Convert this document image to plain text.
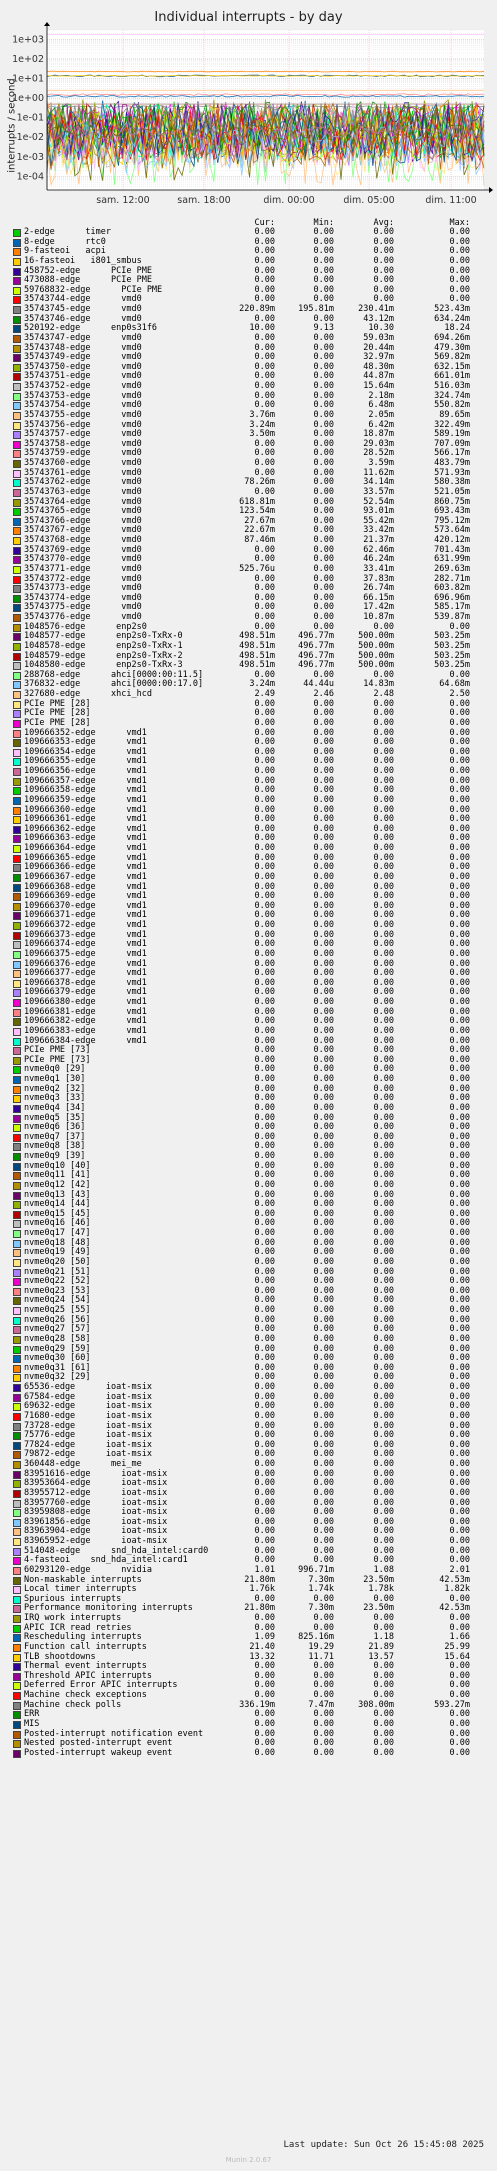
Individual interrupts - by day
interrupts / second
sam. 12:00	sam. 18:00	dim. 00:00	dim. 05:00	dim. 11:00
1e-04
1e-03
1e-02
1e-01
1e+00
1e+01
1e+02
1e+03
Cur:	Min:	Avg:	Max:
2-edge      timer	0.00	0.00	0.00	0.00
8-edge      rtc0	0.00	0.00	0.00	0.00
9-fasteoi   acpi	0.00	0.00	0.00	0.00
16-fasteoi   i801_smbus	0.00	0.00	0.00	0.00
458752-edge      PCIe PME	0.00	0.00	0.00	0.00
473088-edge      PCIe PME	0.00	0.00	0.00	0.00
59768832-edge      PCIe PME	0.00	0.00	0.00	0.00
35743744-edge      vmd0	0.00	0.00	0.00	0.00
35743745-edge      vmd0	220.89m	195.81m	230.41m	523.43m
35743746-edge      vmd0	0.00	0.00	43.12m	634.24m
520192-edge      enp0s31f6	10.00	9.13	10.30	18.24
35743747-edge      vmd0	0.00	0.00	59.03m	694.26m
35743748-edge      vmd0	0.00	0.00	20.44m	479.30m
35743749-edge      vmd0	0.00	0.00	32.97m	569.82m
35743750-edge      vmd0	0.00	0.00	48.30m	632.15m
35743751-edge      vmd0	0.00	0.00	44.87m	661.01m
35743752-edge      vmd0	0.00	0.00	15.64m	516.03m
35743753-edge      vmd0	0.00	0.00	2.18m	324.74m
35743754-edge      vmd0	0.00	0.00	6.48m	550.82m
35743755-edge      vmd0	3.76m	0.00	2.05m	89.65m
35743756-edge      vmd0	3.24m	0.00	6.42m	322.49m
35743757-edge      vmd0	3.50m	0.00	18.87m	589.19m
35743758-edge      vmd0	0.00	0.00	29.03m	707.09m
35743759-edge      vmd0	0.00	0.00	28.52m	566.17m
35743760-edge      vmd0	0.00	0.00	3.59m	483.79m
35743761-edge      vmd0	0.00	0.00	11.62m	571.93m
35743762-edge      vmd0	78.26m	0.00	34.14m	580.38m
35743763-edge      vmd0	0.00	0.00	33.57m	521.05m
35743764-edge      vmd0	618.81m	0.00	52.54m	860.75m
35743765-edge      vmd0	123.54m	0.00	93.01m	693.43m
35743766-edge      vmd0	27.67m	0.00	55.42m	795.12m
35743767-edge      vmd0	22.67m	0.00	33.42m	573.64m
35743768-edge      vmd0	87.46m	0.00	21.37m	420.12m
35743769-edge      vmd0	0.00	0.00	62.46m	701.43m
35743770-edge      vmd0	0.00	0.00	46.24m	631.99m
35743771-edge      vmd0	525.76u	0.00	33.41m	269.63m
35743772-edge      vmd0	0.00	0.00	37.83m	282.71m
35743773-edge      vmd0	0.00	0.00	26.74m	603.82m
35743774-edge      vmd0	0.00	0.00	66.15m	696.96m
35743775-edge      vmd0	0.00	0.00	17.42m	585.17m
35743776-edge      vmd0	0.00	0.00	10.87m	539.87m
1048576-edge      enp2s0	0.00	0.00	0.00	0.00
1048577-edge      enp2s0-TxRx-0	498.51m	496.77m	500.00m	503.25m
1048578-edge      enp2s0-TxRx-1	498.51m	496.77m	500.00m	503.25m
1048579-edge      enp2s0-TxRx-2	498.51m	496.77m	500.00m	503.25m
1048580-edge      enp2s0-TxRx-3	498.51m	496.77m	500.00m	503.25m
288768-edge      ahci[0000:00:11.5]	0.00	0.00	0.00	0.00
376832-edge      ahci[0000:00:17.0]	3.24m	44.44u	14.83m	64.68m
327680-edge      xhci_hcd	2.49	2.46	2.48	2.50
PCIe PME [28]	0.00	0.00	0.00	0.00
PCIe PME [28]	0.00	0.00	0.00	0.00
PCIe PME [28]	0.00	0.00	0.00	0.00
109666352-edge      vmd1	0.00	0.00	0.00	0.00
109666353-edge      vmd1	0.00	0.00	0.00	0.00
109666354-edge      vmd1	0.00	0.00	0.00	0.00
109666355-edge      vmd1	0.00	0.00	0.00	0.00
109666356-edge      vmd1	0.00	0.00	0.00	0.00
109666357-edge      vmd1	0.00	0.00	0.00	0.00
109666358-edge      vmd1	0.00	0.00	0.00	0.00
109666359-edge      vmd1	0.00	0.00	0.00	0.00
109666360-edge      vmd1	0.00	0.00	0.00	0.00
109666361-edge      vmd1	0.00	0.00	0.00	0.00
109666362-edge      vmd1	0.00	0.00	0.00	0.00
109666363-edge      vmd1	0.00	0.00	0.00	0.00
109666364-edge      vmd1	0.00	0.00	0.00	0.00
109666365-edge      vmd1	0.00	0.00	0.00	0.00
109666366-edge      vmd1	0.00	0.00	0.00	0.00
109666367-edge      vmd1	0.00	0.00	0.00	0.00
109666368-edge      vmd1	0.00	0.00	0.00	0.00
109666369-edge      vmd1	0.00	0.00	0.00	0.00
109666370-edge      vmd1	0.00	0.00	0.00	0.00
109666371-edge      vmd1	0.00	0.00	0.00	0.00
109666372-edge      vmd1	0.00	0.00	0.00	0.00
109666373-edge      vmd1	0.00	0.00	0.00	0.00
109666374-edge      vmd1	0.00	0.00	0.00	0.00
109666375-edge      vmd1	0.00	0.00	0.00	0.00
109666376-edge      vmd1	0.00	0.00	0.00	0.00
109666377-edge      vmd1	0.00	0.00	0.00	0.00
109666378-edge      vmd1	0.00	0.00	0.00	0.00
109666379-edge      vmd1	0.00	0.00	0.00	0.00
109666380-edge      vmd1	0.00	0.00	0.00	0.00
109666381-edge      vmd1	0.00	0.00	0.00	0.00
109666382-edge      vmd1	0.00	0.00	0.00	0.00
109666383-edge      vmd1	0.00	0.00	0.00	0.00
109666384-edge      vmd1	0.00	0.00	0.00	0.00
PCIe PME [73]	0.00	0.00	0.00	0.00
PCIe PME [73]	0.00	0.00	0.00	0.00
nvme0q0 [29]	0.00	0.00	0.00	0.00
nvme0q1 [30]	0.00	0.00	0.00	0.00
nvme0q2 [32]	0.00	0.00	0.00	0.00
nvme0q3 [33]	0.00	0.00	0.00	0.00
nvme0q4 [34]	0.00	0.00	0.00	0.00
nvme0q5 [35]	0.00	0.00	0.00	0.00
nvme0q6 [36]	0.00	0.00	0.00	0.00
nvme0q7 [37]	0.00	0.00	0.00	0.00
nvme0q8 [38]	0.00	0.00	0.00	0.00
nvme0q9 [39]	0.00	0.00	0.00	0.00
nvme0q10 [40]	0.00	0.00	0.00	0.00
nvme0q11 [41]	0.00	0.00	0.00	0.00
nvme0q12 [42]	0.00	0.00	0.00	0.00
nvme0q13 [43]	0.00	0.00	0.00	0.00
nvme0q14 [44]	0.00	0.00	0.00	0.00
nvme0q15 [45]	0.00	0.00	0.00	0.00
nvme0q16 [46]	0.00	0.00	0.00	0.00
nvme0q17 [47]	0.00	0.00	0.00	0.00
nvme0q18 [48]	0.00	0.00	0.00	0.00
nvme0q19 [49]	0.00	0.00	0.00	0.00
nvme0q20 [50]	0.00	0.00	0.00	0.00
nvme0q21 [51]	0.00	0.00	0.00	0.00
nvme0q22 [52]	0.00	0.00	0.00	0.00
nvme0q23 [53]	0.00	0.00	0.00	0.00
nvme0q24 [54]	0.00	0.00	0.00	0.00
nvme0q25 [55]	0.00	0.00	0.00	0.00
nvme0q26 [56]	0.00	0.00	0.00	0.00
nvme0q27 [57]	0.00	0.00	0.00	0.00
nvme0q28 [58]	0.00	0.00	0.00	0.00
nvme0q29 [59]	0.00	0.00	0.00	0.00
nvme0q30 [60]	0.00	0.00	0.00	0.00
nvme0q31 [61]	0.00	0.00	0.00	0.00
nvme0q32 [29]	0.00	0.00	0.00	0.00
65536-edge      ioat-msix	0.00	0.00	0.00	0.00
67584-edge      ioat-msix	0.00	0.00	0.00	0.00
69632-edge      ioat-msix	0.00	0.00	0.00	0.00
71680-edge      ioat-msix	0.00	0.00	0.00	0.00
73728-edge      ioat-msix	0.00	0.00	0.00	0.00
75776-edge      ioat-msix	0.00	0.00	0.00	0.00
77824-edge      ioat-msix	0.00	0.00	0.00	0.00
79872-edge      ioat-msix	0.00	0.00	0.00	0.00
360448-edge      mei_me	0.00	0.00	0.00	0.00
83951616-edge      ioat-msix	0.00	0.00	0.00	0.00
83953664-edge      ioat-msix	0.00	0.00	0.00	0.00
83955712-edge      ioat-msix	0.00	0.00	0.00	0.00
83957760-edge      ioat-msix	0.00	0.00	0.00	0.00
83959808-edge      ioat-msix	0.00	0.00	0.00	0.00
83961856-edge      ioat-msix	0.00	0.00	0.00	0.00
83963904-edge      ioat-msix	0.00	0.00	0.00	0.00
83965952-edge      ioat-msix	0.00	0.00	0.00	0.00
514048-edge      snd_hda_intel:card0	0.00	0.00	0.00	0.00
4-fasteoi    snd_hda_intel:card1	0.00	0.00	0.00	0.00
60293120-edge      nvidia	1.01	996.71m	1.08	2.01
Non-maskable interrupts	21.80m	7.30m	23.50m	42.53m
Local timer interrupts	1.76k	1.74k	1.78k	1.82k
Spurious interrupts	0.00	0.00	0.00	0.00
Performance monitoring interrupts	21.80m	7.30m	23.50m	42.53m
IRQ work interrupts	0.00	0.00	0.00	0.00
APIC ICR read retries	0.00	0.00	0.00	0.00
Rescheduling interrupts	1.09	825.16m	1.18	1.66
Function call interrupts	21.40	19.29	21.89	25.99
TLB shootdowns	13.32	11.71	13.57	15.64
Thermal event interrupts	0.00	0.00	0.00	0.00
Threshold APIC interrupts	0.00	0.00	0.00	0.00
Deferred Error APIC interrupts	0.00	0.00	0.00	0.00
Machine check exceptions	0.00	0.00	0.00	0.00
Machine check polls	336.19m	7.47m	308.00m	593.27m
ERR	0.00	0.00	0.00	0.00
MIS	0.00	0.00	0.00	0.00
Posted-interrupt notification event	0.00	0.00	0.00	0.00
Nested posted-interrupt event	0.00	0.00	0.00	0.00
Posted-interrupt wakeup event	0.00	0.00	0.00	0.00
Last update: Sun Oct 26 15:45:08 2025
Munin 2.0.67
